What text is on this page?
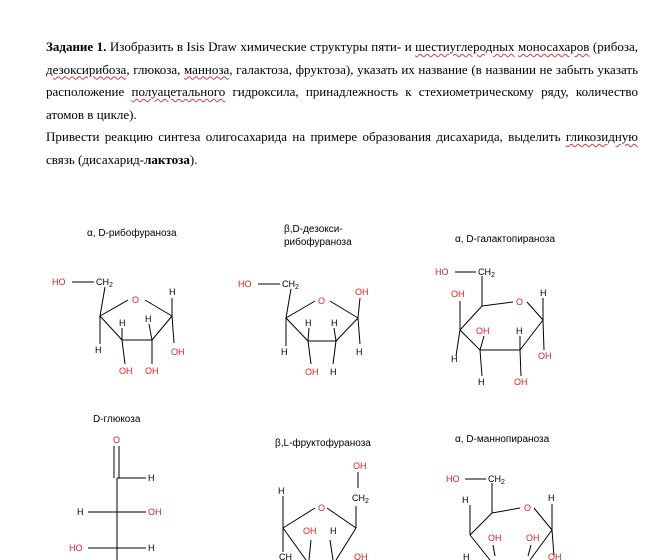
Задание 1. Изобразить в Isis Draw химические структуры пяти- и шестиуглеродных моносахаров (рибоза, дезоксирибоза, глюкоза, манноза, галактоза, фруктоза), указать их название (в названии не забыть указать расположение полуацетального гидроксила, принадлежность к стехиометрическому ряду, количество атомов в цикле).

Привести реакцию синтеза олигосахарида на примере образования дисахарида, выделить гликозидную связь (дисахарид-лактоза).

α, D-рибофураноза	β,D-дезокси-
рибофураноза	α, D-галактопираноза
D-глюкоза
β,L-фруктофураноза	α, D-маннопираноза
HO	$CH_2$
O
H
OH
H
H H
OH OH
HO	$CH_2$
O
OH
H
H
H H
OH H
HO	$CH_2$
O
OH	H
H
OH	H
H	OH
OH
O
H
H	OH
HO	H
OH
$CH_2$
H
O
OH H
CH	OH
HO	$CH_2$
O
H	H
OH	OH
OH
H
